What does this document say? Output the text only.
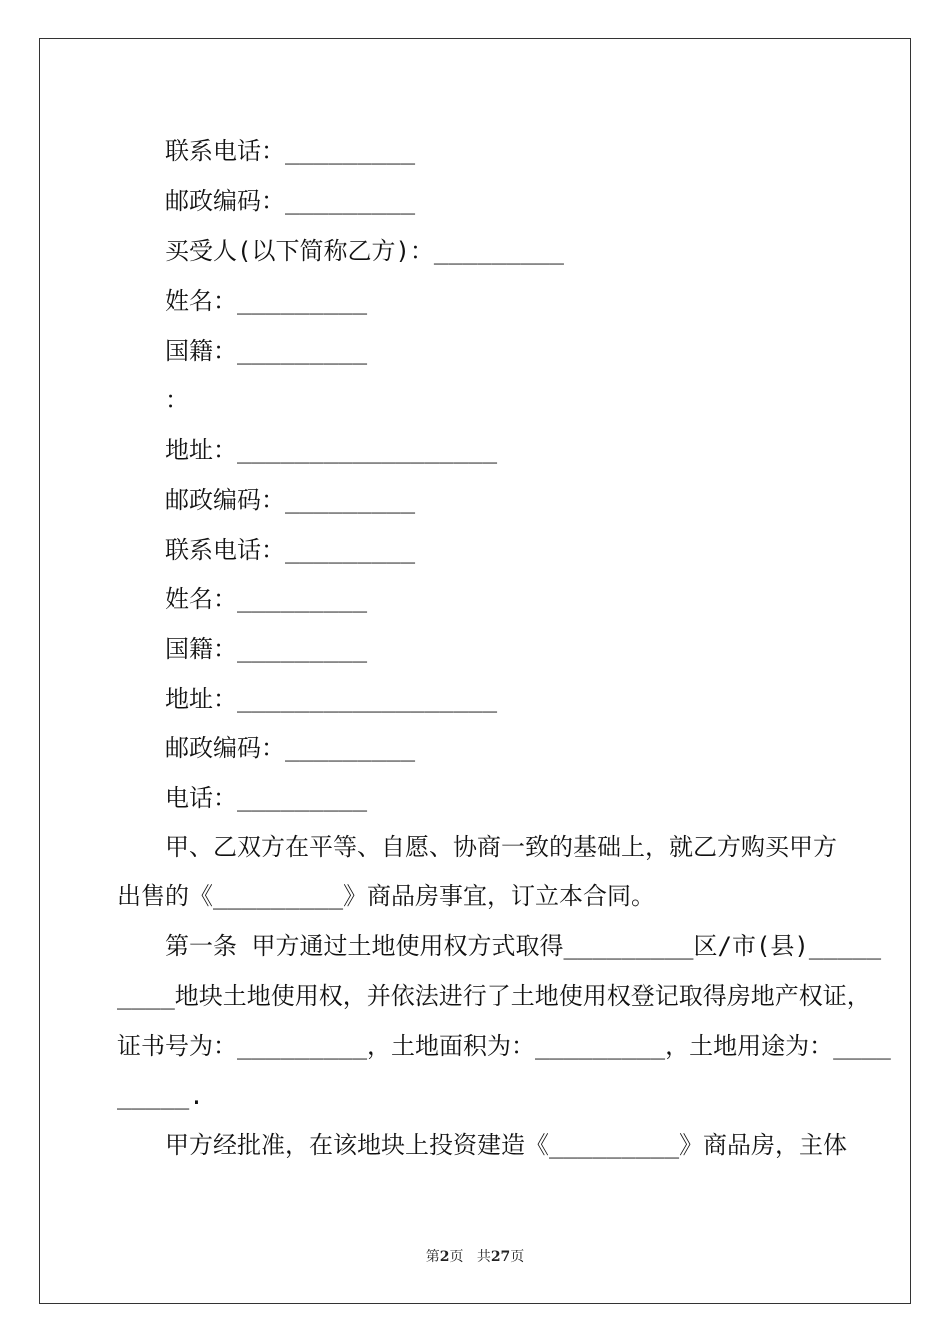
联系电话：_________
邮政编码：_________
买受人(以下简称乙方)：_________
姓名：_________
国籍：_________
：
地址：__________________
邮政编码：_________
联系电话：_________
姓名：_________
国籍：_________
地址：__________________
邮政编码：_________
电话：_________
甲、乙双方在平等、自愿、协商一致的基础上，就乙方购买甲方
出售的《_________》商品房事宜，订立本合同。
第一条 甲方通过土地使用权方式取得_________区/市(县)_____
____地块土地使用权，并依法进行了土地使用权登记取得房地产权证，
证书号为：_________，土地面积为：_________，土地用途为：____
_____.
甲方经批准，在该地块上投资建造《_________》商品房，主体
第2页 共27页
